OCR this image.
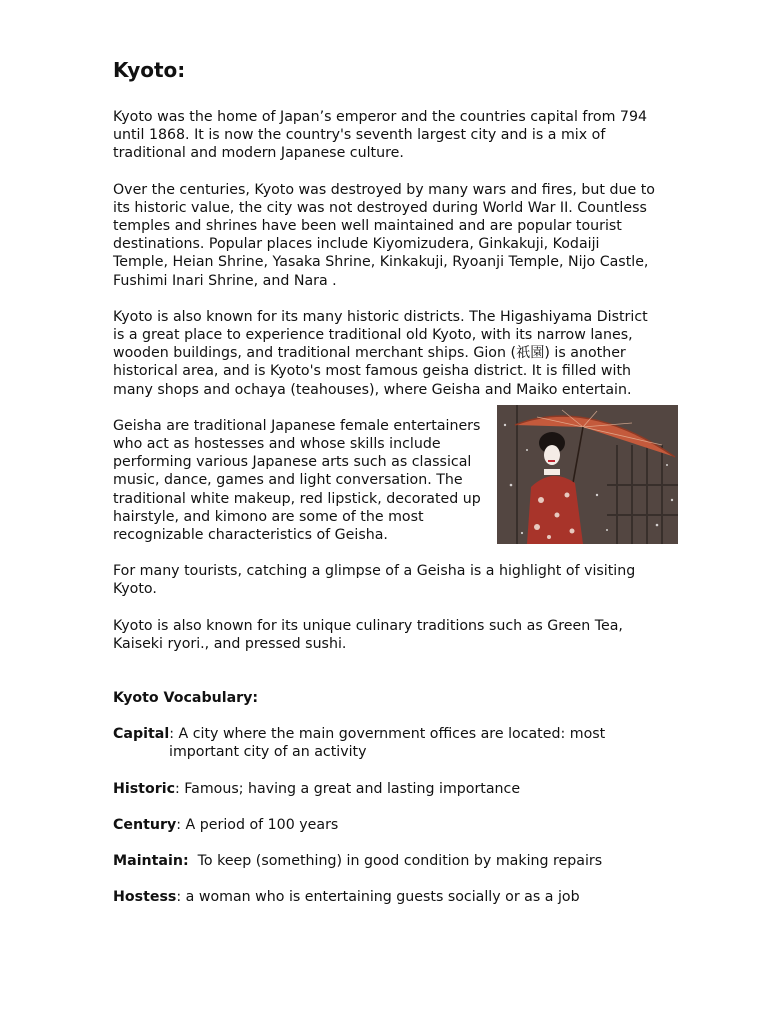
Kyoto:

Kyoto was the home of Japan’s emperor and the countries capital from 794 until 1868. It is now the country's seventh largest city and is a mix of traditional and modern Japanese culture.

Over the centuries, Kyoto was destroyed by many wars and fires, but due to its historic value, the city was not destroyed during World War II. Countless temples and shrines have been well maintained and are popular tourist destinations. Popular places include Kiyomizudera, Ginkakuji, Kodaiji Temple, Heian Shrine, Yasaka Shrine, Kinkakuji, Ryoanji Temple, Nijo Castle, Fushimi Inari Shrine, and Nara .

Kyoto is also known for its many historic districts. The Higashiyama District is a great place to experience traditional old Kyoto, with its narrow lanes, wooden buildings, and traditional merchant ships. Gion (祇園) is another historical area, and is Kyoto's most famous geisha district. It is filled with many shops and ochaya (teahouses), where Geisha and Maiko entertain.

Geisha are traditional Japanese female entertainers who act as hostesses and whose skills include performing various Japanese arts such as classical music, dance, games and light conversation. The traditional white makeup, red lipstick, decorated up hairstyle, and kimono are some of the most recognizable characteristics of Geisha.

For many tourists, catching a glimpse of a Geisha is a highlight of visiting Kyoto.

Kyoto is also known for its unique culinary traditions such as Green Tea, Kaiseki ryori., and pressed sushi.

Kyoto Vocabulary:

Capital: A city where the main government offices are located: most
important city of an activity
Historic: Famous; having a great and lasting importance
Century: A period of 100 years
Maintain:  To keep (something) in good condition by making repairs
Hostess: a woman who is entertaining guests socially or as a job
